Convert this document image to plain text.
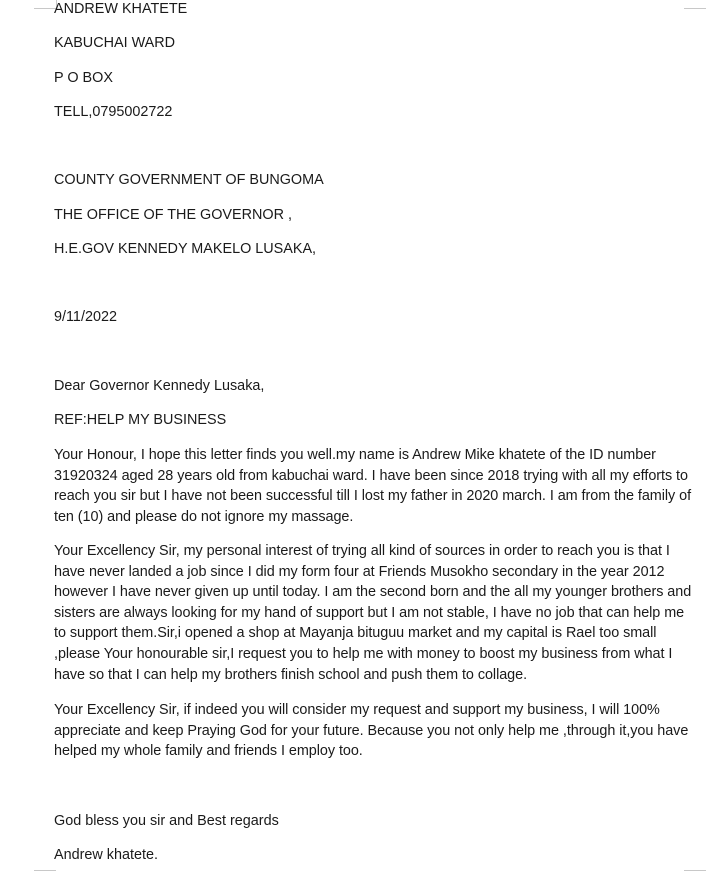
ANDREW KHATETE
KABUCHAI WARD
P O BOX
TELL,0795002722
COUNTY GOVERNMENT OF BUNGOMA
THE OFFICE OF THE GOVERNOR ,
H.E.GOV KENNEDY MAKELO LUSAKA,
9/11/2022
Dear Governor Kennedy Lusaka,
REF:HELP MY BUSINESS
Your Honour, I hope this letter finds you well.my name is Andrew Mike khatete of the ID number 31920324 aged 28 years old from kabuchai ward. I have been since 2018 trying with all my efforts to reach you sir but I have not been successful till I lost my father in 2020 march. I am from the family of ten (10) and please do not ignore my massage.
Your Excellency Sir, my personal interest of trying all kind of sources in order to reach you is that I have never landed a job since I did my form four at Friends Musokho secondary in the year 2012 however I have never given up until today. I am the second born and the all my younger brothers and sisters are always looking for my hand of support but I am not stable, I have no job that can help me to support them.Sir,i opened a shop at Mayanja bituguu market and my capital is Rael too small ,please Your honourable sir,I request you to help me with money to boost my business from what I have so that I can help my brothers finish school and push them to collage.
Your Excellency Sir, if indeed you will consider my request and support my business, I will 100% appreciate and keep Praying God for your future. Because you not only help me ,through it,you have helped my whole family and friends I employ too.
God bless you sir and Best regards
Andrew khatete.
